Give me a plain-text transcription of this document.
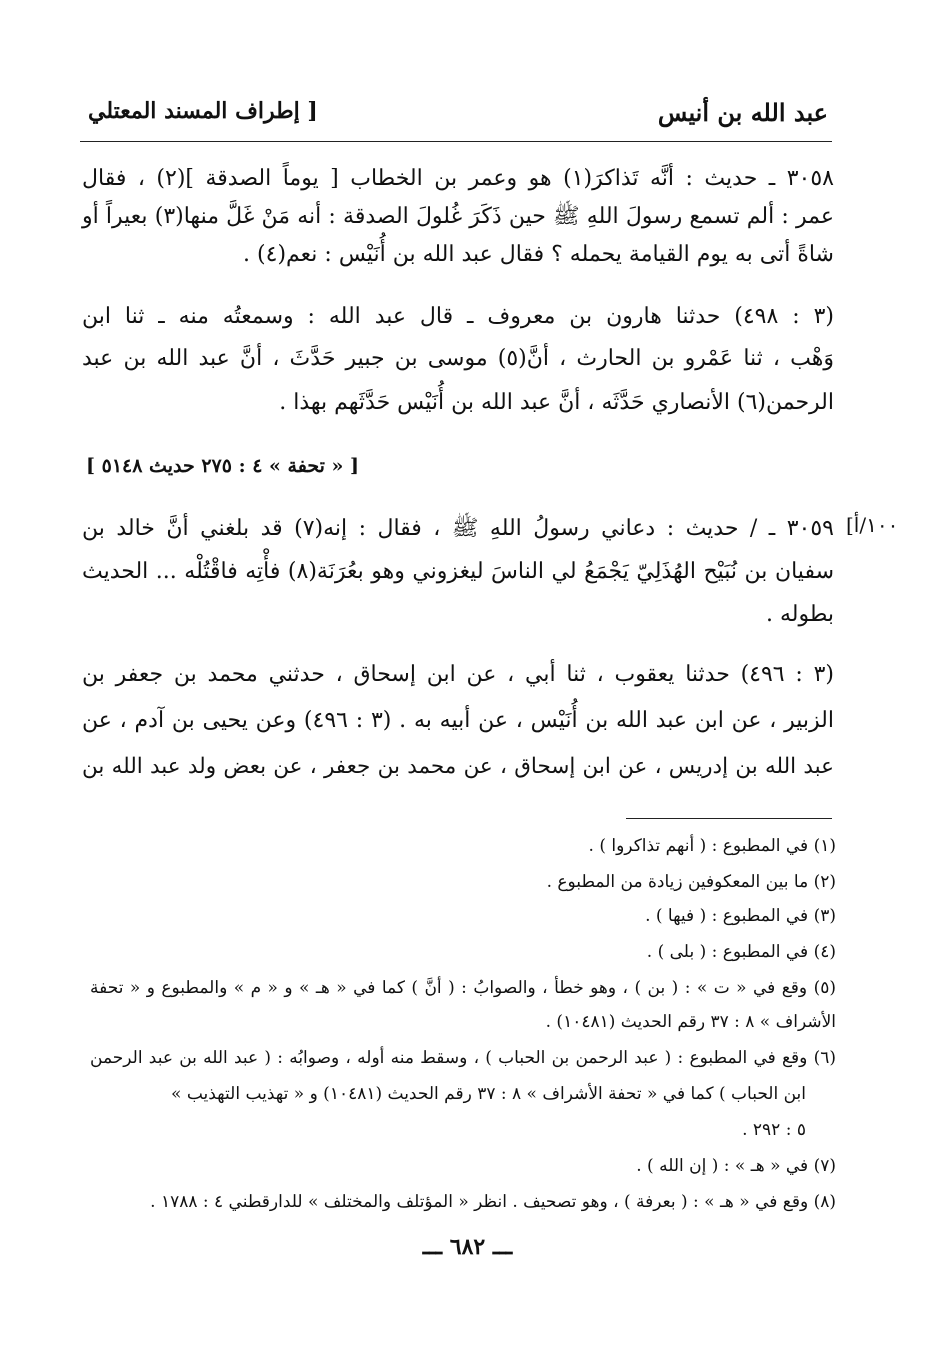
عبد الله بن أنيس
[ إطراف المسند المعتلي
٣٠٥٨ ـ حديث : أنَّه تَذاكرَ(١) هو وعمر بن الخطاب [ يوماً الصدقة ](٢) ، فقال
عمر : ألم تسمع رسولَ اللهِ ﷺ حين ذَكَرَ غُلولَ الصدقة : أنه مَنْ غَلَّ منها(٣) بعيراً أو
شاةً أتى به يوم القيامة يحمله ؟ فقال عبد الله بن أُنَيْس : نعم(٤) .
(٣ : ٤٩٨) حدثنا هارون بن معروف ـ قال عبد الله : وسمعتُه منه ـ ثنا ابن
وَهْب ، ثنا عَمْرو بن الحارث ، أنَّ(٥) موسى بن جبير حَدَّثَ ، أنَّ عبد الله بن عبد
الرحمن(٦) الأنصاري حَدَّثَه ، أنَّ عبد الله بن أُنَيْس حَدَّثَهم بهذا .
[ « تحفة » ٤ : ٢٧٥ حديث ٥١٤٨ ]
١٠٠/أ]
٣٠٥٩ ـ / حديث : دعاني رسولُ اللهِ ﷺ ، فقال : إنه(٧) قد بلغني أنَّ خالد بن
سفيان بن نُبَيْح الهُذَلِيّ يَجْمَعُ لي الناسَ ليغزوني وهو بعُرَنَة(٨) فأْتِه فاقْتُلْه ... الحديث
بطوله .
(٣ : ٤٩٦) حدثنا يعقوب ، ثنا أبي ، عن ابن إسحاق ، حدثني محمد بن جعفر بن
الزبير ، عن ابن عبد الله بن أُنَيْس ، عن أبيه به . (٣ : ٤٩٦) وعن يحيى بن آدم ، عن
عبد الله بن إدريس ، عن ابن إسحاق ، عن محمد بن جعفر ، عن بعض ولد عبد الله بن
(١) في المطبوع : ( أنهم تذاكروا ) .
(٢) ما بين المعكوفين زيادة من المطبوع .
(٣) في المطبوع : ( فيها ) .
(٤) في المطبوع : ( بلى ) .
(٥) وقع في « ت » : ( بن ) ، وهو خطأ ، والصوابُ : ( أنَّ ) كما في « هـ » و « م » والمطبوع و « تحفة
الأشراف » ٨ : ٣٧ رقم الحديث (١٠٤٨١) .
(٦) وقع في المطبوع : ( عبد الرحمن بن الحباب ) ، وسقط منه أوله ، وصوابُه : ( عبد الله بن عبد الرحمن
ابن الحباب ) كما في « تحفة الأشراف » ٨ : ٣٧ رقم الحديث (١٠٤٨١) و « تهذيب التهذيب »
٥ : ٢٩٢ .
(٧) في « هـ » : ( إن الله ) .
(٨) وقع في « هـ » : ( بعرفة ) ، وهو تصحيف . انظر « المؤتلف والمختلف » للدارقطني ٤ : ١٧٨٨ .
ـــ ٦٨٢ ـــ
